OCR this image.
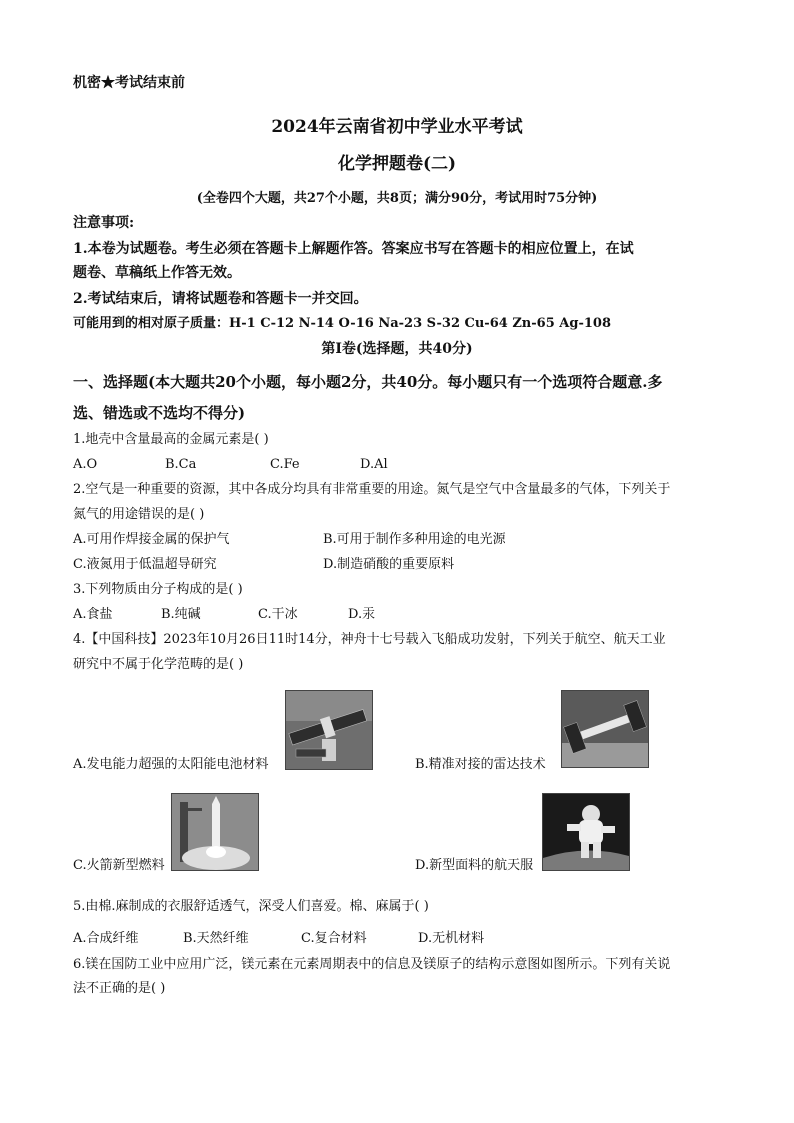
机密★考试结束前
2024年云南省初中学业水平考试
化学押题卷(二)
(全卷四个大题，共27个小题，共8页；满分90分，考试用时75分钟)
注意事项:
1.本卷为试题卷。考生必须在答题卡上解题作答。答案应书写在答题卡的相应位置上，在试
题卷、草稿纸上作答无效。
2.考试结束后，请将试题卷和答题卡一并交回。
可能用到的相对原子质量：H-1 C-12 N-14 O-16 Na-23 S-32 Cu-64 Zn-65 Ag-108
第Ⅰ卷(选择题，共40分)
一、选择题(本大题共20个小题，每小题2分，共40分。每小题只有一个选项符合题意.多
选、错选或不选均不得分)
1.地壳中含量最高的金属元素是( )
A.O	B.Ca	C.Fe	D.Al
2.空气是一种重要的资源，其中各成分均具有非常重要的用途。氮气是空气中含量最多的气体，下列关于
氮气的用途错误的是( )
A.可用作焊接金属的保护气	B.可用于制作多种用途的电光源
C.液氮用于低温超导研究	D.制造硝酸的重要原料
3.下列物质由分子构成的是( )
A.食盐	B.纯碱	C.干冰	D.汞
4.【中国科技】2023年10月26日11时14分，神舟十七号载入飞船成功发射，下列关于航空、航天工业
研究中不属于化学范畴的是( )
A.发电能力超强的太阳能电池材料	B.精准对接的雷达技术
C.火箭新型燃料	D.新型面料的航天服
5.由棉.麻制成的衣服舒适透气，深受人们喜爱。棉、麻属于( )
A.合成纤维	B.天然纤维	C.复合材料	D.无机材料
6.镁在国防工业中应用广泛，镁元素在元素周期表中的信息及镁原子的结构示意图如图所示。下列有关说
法不正确的是( )
